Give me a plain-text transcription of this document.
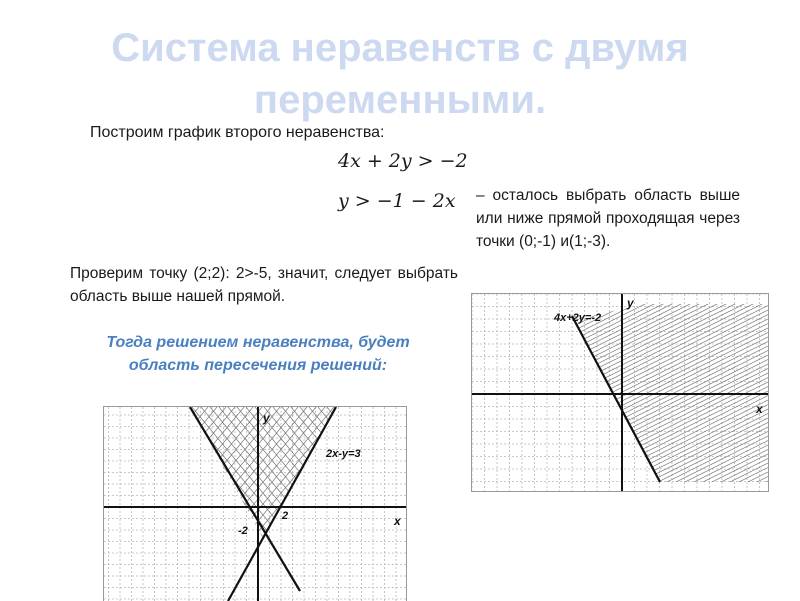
Система неравенств с двумя
переменными.
Построим график второго неравенства:
4x + 2y > −2
y > −1 − 2x – осталось выбрать область выше или ниже прямой проходящая через точки (0;-1) и(1;-3).
Проверим точку (2;2): 2>-5, значит, следует выбрать область выше нашей прямой.
Тогда решением неравенства, будет область пересечения решений:
4x+2y=-2
x
y
2x-y=3
2
-2
x
y
